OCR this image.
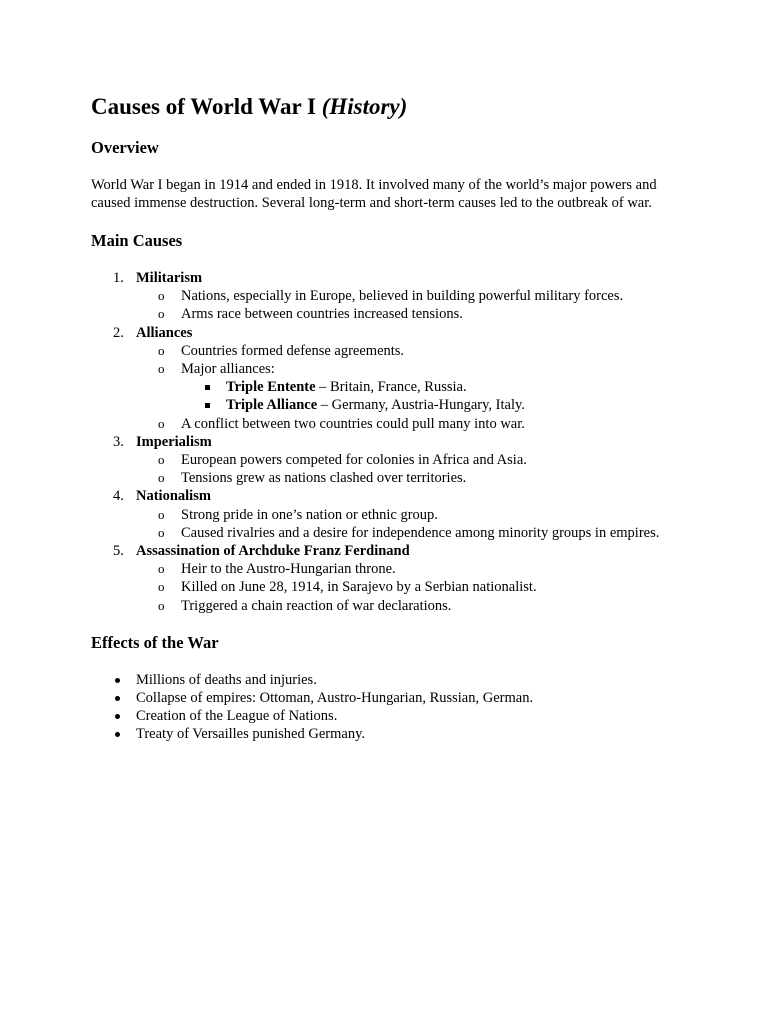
Causes of World War I (History)
Overview

World War I began in 1914 and ended in 1918. It involved many of the world’s major powers and caused immense destruction. Several long-term and short-term causes led to the outbreak of war.

Main Causes
1. Militarism
o Nations, especially in Europe, believed in building powerful military forces.
o Arms race between countries increased tensions.
2. Alliances
o Countries formed defense agreements.
o Major alliances:
Triple Entente – Britain, France, Russia.
Triple Alliance – Germany, Austria-Hungary, Italy.
o A conflict between two countries could pull many into war.
3. Imperialism
o European powers competed for colonies in Africa and Asia.
o Tensions grew as nations clashed over territories.
4. Nationalism
o Strong pride in one’s nation or ethnic group.
o Caused rivalries and a desire for independence among minority groups in empires.
5. Assassination of Archduke Franz Ferdinand
o Heir to the Austro-Hungarian throne.
o Killed on June 28, 1914, in Sarajevo by a Serbian nationalist.
o Triggered a chain reaction of war declarations.
Effects of the War
Millions of deaths and injuries.
Collapse of empires: Ottoman, Austro-Hungarian, Russian, German.
Creation of the League of Nations.
Treaty of Versailles punished Germany.
